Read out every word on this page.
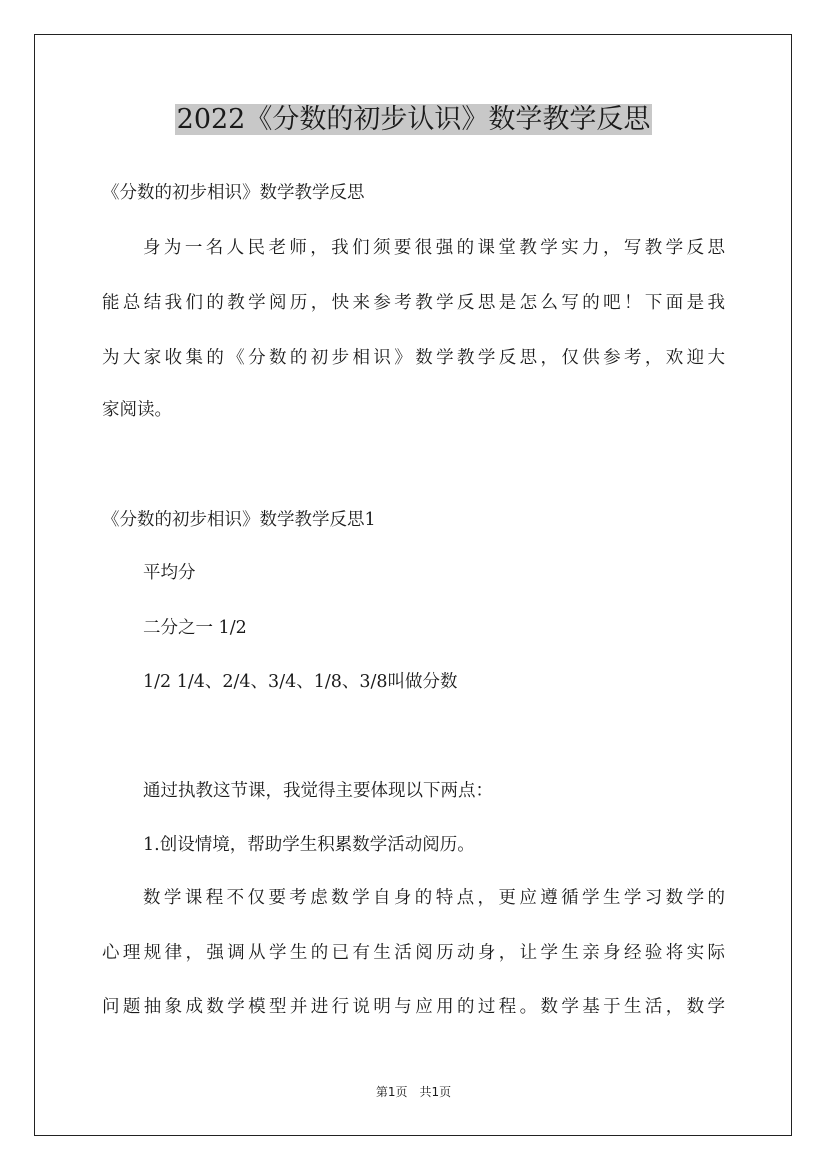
2022《分数的初步认识》数学教学反思

《分数的初步相识》数学教学反思

身为一名人民老师，我们须要很强的课堂教学实力，写教学反思

能总结我们的教学阅历，快来参考教学反思是怎么写的吧！下面是我

为大家收集的《分数的初步相识》数学教学反思，仅供参考，欢迎大

家阅读。

《分数的初步相识》数学教学反思1

平均分

二分之一 1/2

1/2 1/4、2/4、3/4、1/8、3/8叫做分数

通过执教这节课，我觉得主要体现以下两点：

1.创设情境，帮助学生积累数学活动阅历。

数学课程不仅要考虑数学自身的特点，更应遵循学生学习数学的

心理规律，强调从学生的已有生活阅历动身，让学生亲身经验将实际

问题抽象成数学模型并进行说明与应用的过程。数学基于生活，数学

第1页　共1页
